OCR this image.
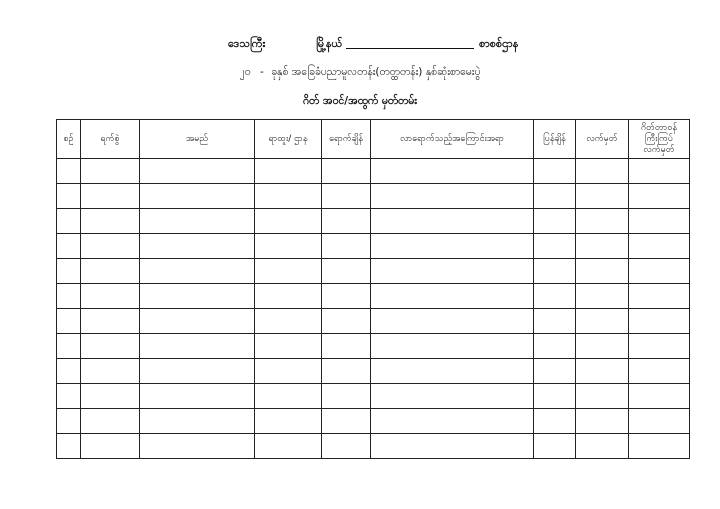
ဒေသကြီး	မြို့နယ်	စာစစ်ဌာန
၂၀ - ခုနှစ် အခြေခံပညာမူလတန်း(တတ္ထတန်း) နှစ်ဆုံးစာမေးပွဲ
ဂိတ် အဝင်/အထွက် မှတ်တမ်း
စဉ်	ရက်စွဲ	အမည်	ရာထူး/ ဌာန	ရောက်ချိန်	လာရောက်သည့်အကြောင်းအရာ	ပြန်ချိန်	လက်မှတ်	ဂိတ်တာဝန် ကြီးကြပ် လက်မှတ်
